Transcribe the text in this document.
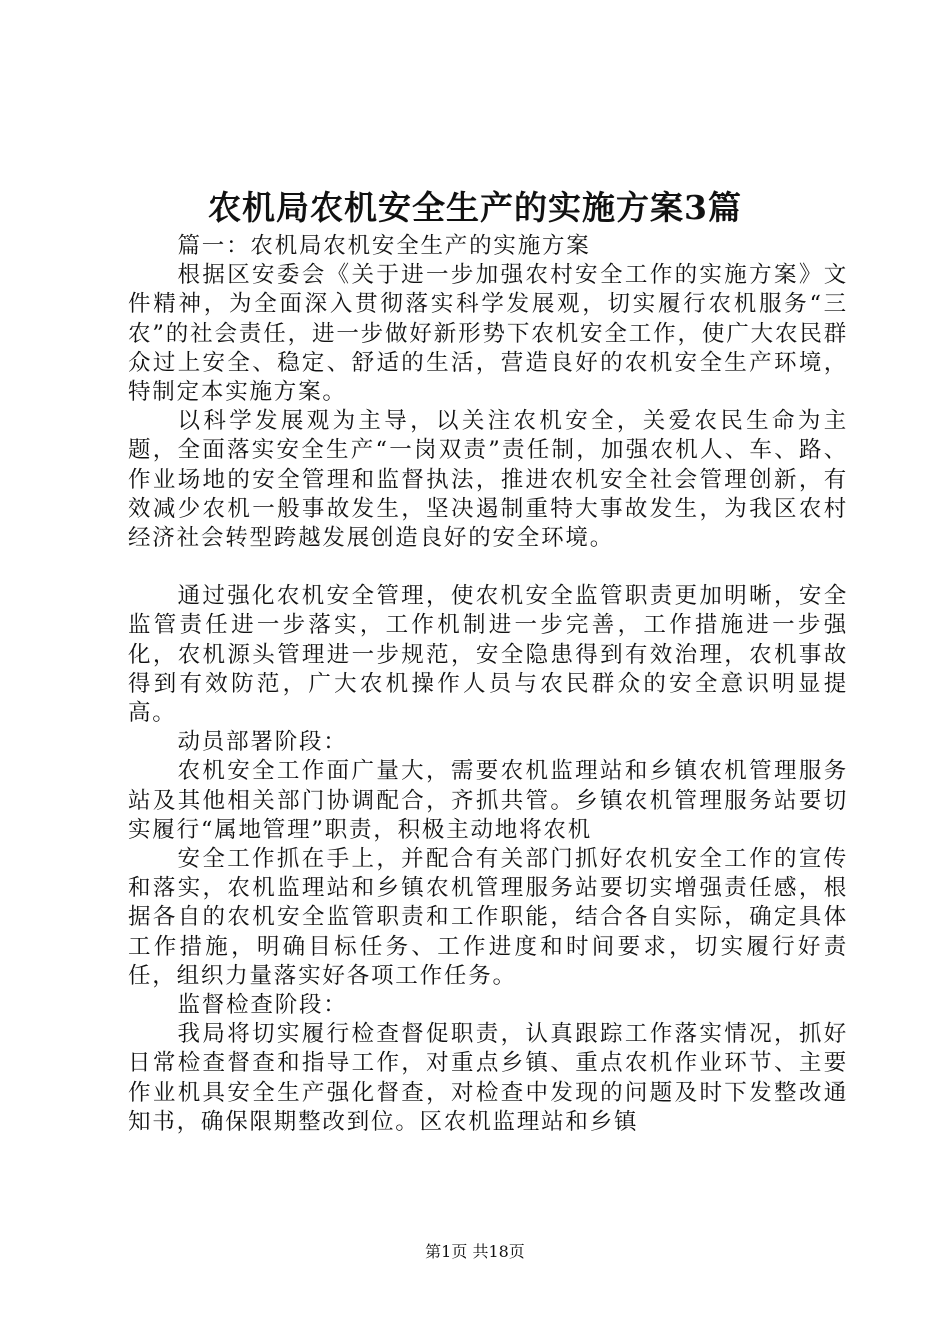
农机局农机安全生产的实施方案3篇

篇一：农机局农机安全生产的实施方案

根据区安委会《关于进一步加强农村安全工作的实施方案》文件精神，为全面深入贯彻落实科学发展观，切实履行农机服务“三农”的社会责任，进一步做好新形势下农机安全工作，使广大农民群众过上安全、稳定、舒适的生活，营造良好的农机安全生产环境，特制定本实施方案。

以科学发展观为主导，以关注农机安全，关爱农民生命为主题，全面落实安全生产“一岗双责”责任制，加强农机人、车、路、作业场地的安全管理和监督执法，推进农机安全社会管理创新，有效减少农机一般事故发生，坚决遏制重特大事故发生，为我区农村经济社会转型跨越发展创造良好的安全环境。

通过强化农机安全管理，使农机安全监管职责更加明晰，安全监管责任进一步落实，工作机制进一步完善，工作措施进一步强化，农机源头管理进一步规范，安全隐患得到有效治理，农机事故得到有效防范，广大农机操作人员与农民群众的安全意识明显提高。

动员部署阶段：

农机安全工作面广量大，需要农机监理站和乡镇农机管理服务站及其他相关部门协调配合，齐抓共管。乡镇农机管理服务站要切实履行“属地管理”职责，积极主动地将农机

安全工作抓在手上，并配合有关部门抓好农机安全工作的宣传和落实，农机监理站和乡镇农机管理服务站要切实增强责任感，根据各自的农机安全监管职责和工作职能，结合各自实际，确定具体工作措施，明确目标任务、工作进度和时间要求，切实履行好责任，组织力量落实好各项工作任务。

监督检查阶段：

我局将切实履行检查督促职责，认真跟踪工作落实情况，抓好日常检查督查和指导工作，对重点乡镇、重点农机作业环节、主要作业机具安全生产强化督查，对检查中发现的问题及时下发整改通知书，确保限期整改到位。区农机监理站和乡镇

第1页 共18页
